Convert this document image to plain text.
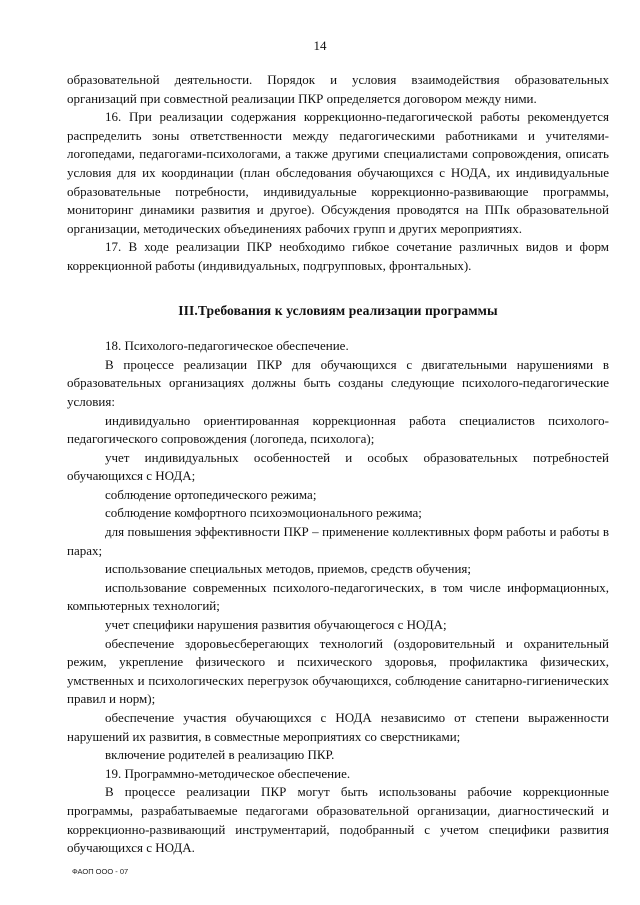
14

образовательной деятельности. Порядок и условия взаимодействия образовательных организаций при совместной реализации ПКР определяется договором между ними.

16. При реализации содержания коррекционно-педагогической работы рекомендуется распределить зоны ответственности между педагогическими работниками и учителями-логопедами, педагогами-психологами, а также другими специалистами сопровождения, описать условия для их координации (план обследования обучающихся с НОДА, их индивидуальные образовательные потребности, индивидуальные коррекционно-развивающие программы, мониторинг динамики развития и другое). Обсуждения проводятся на ППк образовательной организации, методических объединениях рабочих групп и других мероприятиях.

17. В ходе реализации ПКР необходимо гибкое сочетание различных видов и форм коррекционной работы (индивидуальных, подгрупповых, фронтальных).

III.Требования к условиям реализации программы

18. Психолого-педагогическое обеспечение.

В процессе реализации ПКР для обучающихся с двигательными нарушениями в образовательных организациях должны быть созданы следующие психолого-педагогические условия:

индивидуально ориентированная коррекционная работа специалистов психолого-педагогического сопровождения (логопеда, психолога);

учет индивидуальных особенностей и особых образовательных потребностей обучающихся с НОДА;

соблюдение ортопедического режима;

соблюдение комфортного психоэмоционального режима;

для повышения эффективности ПКР – применение коллективных форм работы и работы в парах;

использование специальных методов, приемов, средств обучения;

использование современных психолого-педагогических, в том числе информационных, компьютерных технологий;

учет специфики нарушения развития обучающегося с НОДА;

обеспечение здоровьесберегающих технологий (оздоровительный и охранительный режим, укрепление физического и психического здоровья, профилактика физических, умственных и психологических перегрузок обучающихся, соблюдение санитарно-гигиенических правил и норм);

обеспечение участия обучающихся с НОДА независимо от степени выраженности нарушений их развития, в совместные мероприятиях со сверстниками;

включение родителей в реализацию ПКР.

19. Программно-методическое обеспечение.

В процессе реализации ПКР могут быть использованы рабочие коррекционные программы, разрабатываемые педагогами образовательной организации, диагностический и коррекционно-развивающий инструментарий, подобранный с учетом специфики развития обучающихся с НОДА.

ФАОП ООО - 07
